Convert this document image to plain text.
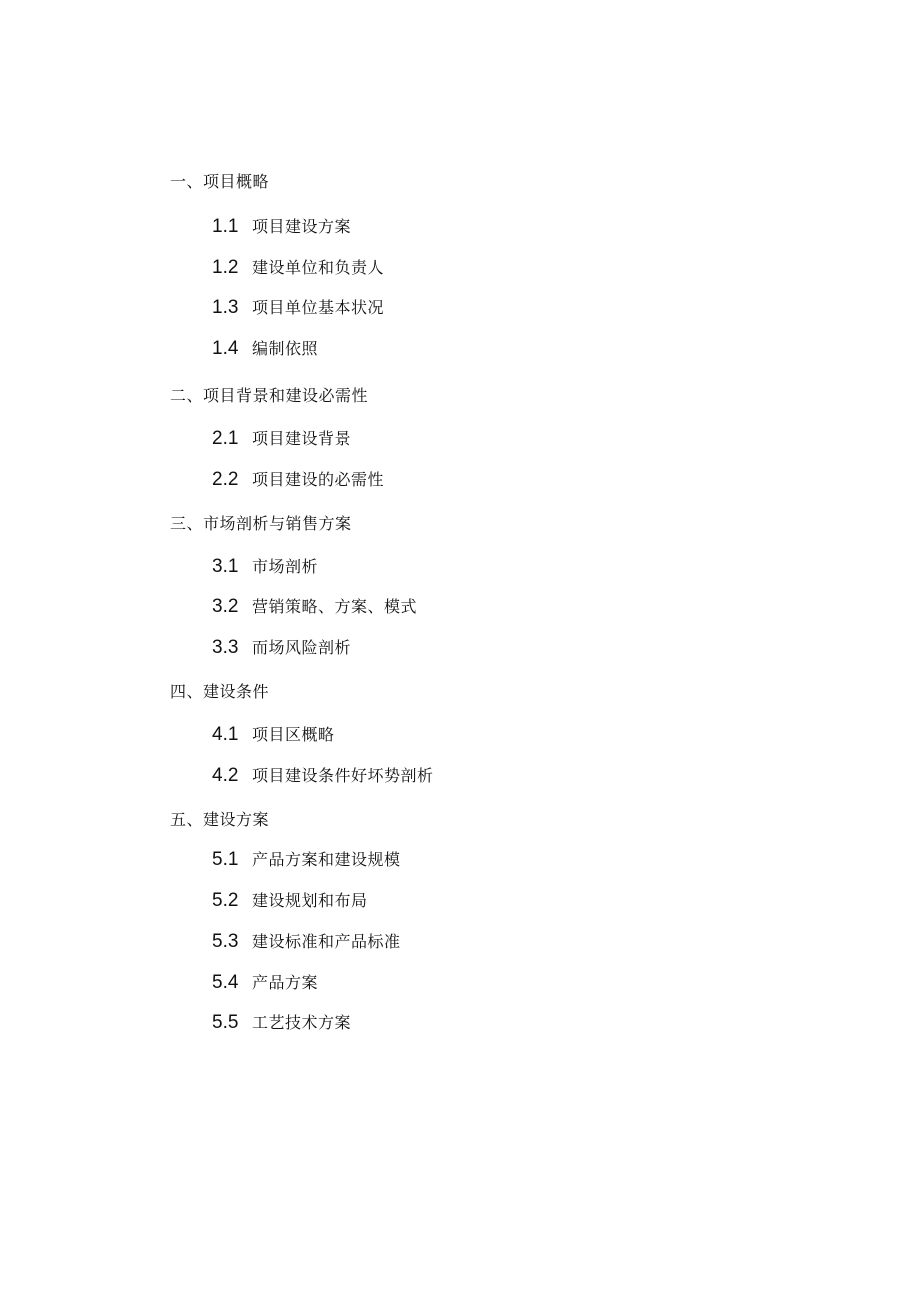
一、项目概略
1.1 项目建设方案
1.2 建设单位和负责人
1.3 项目单位基本状况
1.4 编制依照
二、项目背景和建设必需性
2.1 项目建设背景
2.2 项目建设的必需性
三、市场剖析与销售方案
3.1 市场剖析
3.2 营销策略、方案、模式
3.3 而场风险剖析
四、建设条件
4.1 项目区概略
4.2 项目建设条件好坏势剖析
五、建设方案
5.1 产品方案和建设规模
5.2 建设规划和布局
5.3 建设标准和产品标准
5.4 产品方案
5.5 工艺技术方案
